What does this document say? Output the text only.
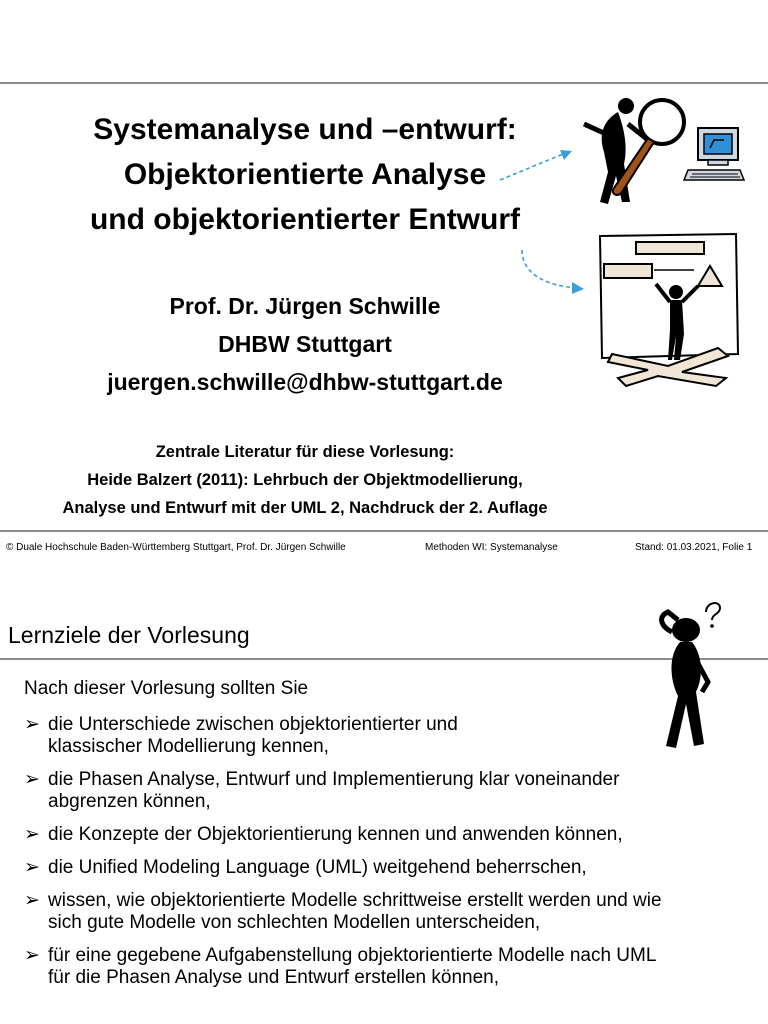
Systemanalyse und –entwurf:
Objektorientierte Analyse
und objektorientierter Entwurf
Prof. Dr. Jürgen Schwille
DHBW Stuttgart
juergen.schwille@dhbw-stuttgart.de
Zentrale Literatur für diese Vorlesung:
Heide Balzert (2011): Lehrbuch der Objektmodellierung,
Analyse und Entwurf mit der UML 2, Nachdruck der 2. Auflage
© Duale Hochschule Baden-Württemberg Stuttgart, Prof. Dr. Jürgen Schwille	Methoden WI: Systemanalyse	Stand: 01.03.2021, Folie 1
Lernziele der Vorlesung
Nach dieser Vorlesung sollten Sie
➢ die Unterschiede zwischen objektorientierter und
klassischer Modellierung kennen,
➢ die Phasen Analyse, Entwurf und Implementierung klar voneinander
abgrenzen können,
➢ die Konzepte der Objektorientierung kennen und anwenden können,
➢ die Unified Modeling Language (UML) weitgehend beherrschen,
➢ wissen, wie objektorientierte Modelle schrittweise erstellt werden und wie
sich gute Modelle von schlechten Modellen unterscheiden,
➢ für eine gegebene Aufgabenstellung objektorientierte Modelle nach UML
für die Phasen Analyse und Entwurf erstellen können,
